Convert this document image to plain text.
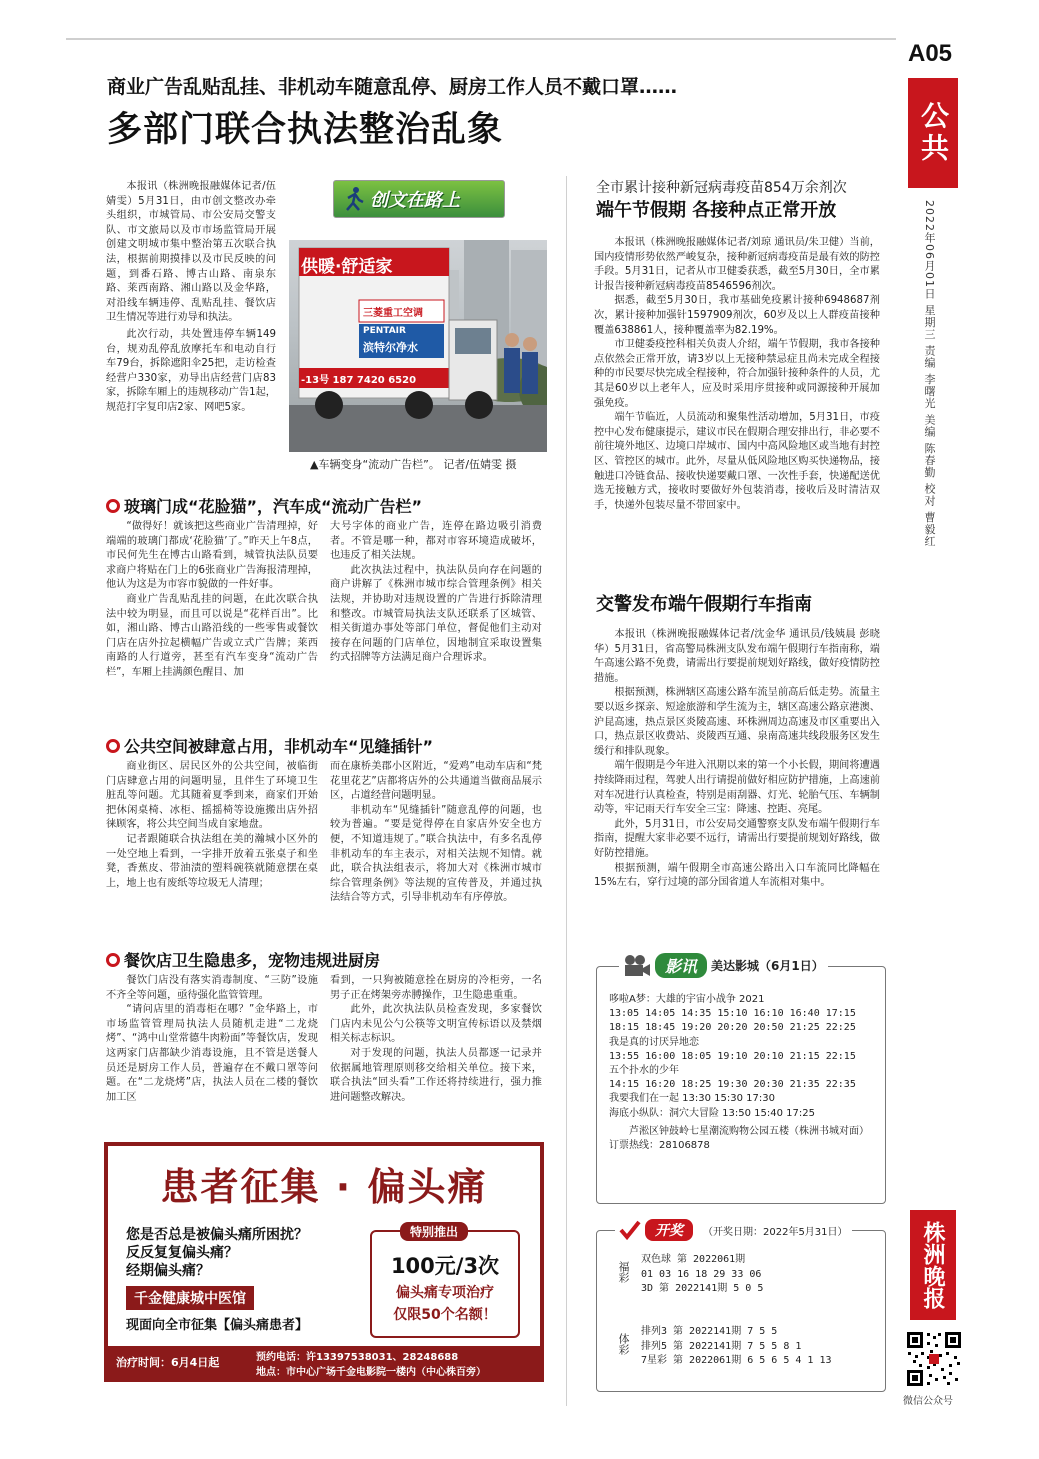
A05
公共
2022年06月01日 星期三 责编 李曙光 美编 陈春勤 校对 曹毅红
株洲晚报
微信公众号
商业广告乱贴乱挂、非机动车随意乱停、厨房工作人员不戴口罩……
多部门联合执法整治乱象
创文在路上

本报讯（株洲晚报融媒体记者/伍婧雯）5月31日，由市创文整改办牵头组织，市城管局、市公安局交警支队、市文旅局以及市市场监管局开展创建文明城市集中整治第五次联合执法，根据前期摸排以及市民反映的问题，到番石路、博古山路、南泉东路、莱西南路、湘山路以及金华路，对沿线车辆违停、乱贴乱挂、餐饮店卫生情况等进行劝导和执法。

此次行动，共处置违停车辆149台，规劝乱停乱放摩托车和电动自行车79台，拆除遮阳伞25把，走访检查经营户330家，劝导出店经营门店83家，拆除车厢上的违规移动广告1起，规范打字复印店2家、网吧5家。

供暖·舒适家
三菱重工空调
PENTAIR
滨特尔净水
-13号 187 7420 6520
▲车辆变身“流动广告栏”。 记者/伍婧雯 摄
玻璃门成“花脸猫”，汽车成“流动广告栏”

“做得好！就该把这些商业广告清理掉，好端端的玻璃门都成‘花脸猫’了。”昨天上午8点，市民何先生在博古山路看到，城管执法队员要求商户将贴在门上的6张商业广告海报清理掉，他认为这是为市容市貌做的一件好事。

商业广告乱贴乱挂的问题，在此次联合执法中较为明显，而且可以说是“花样百出”。比如，湘山路、博古山路沿线的一些零售或餐饮门店在店外拉起横幅广告或立式广告牌；莱西南路的人行道旁，甚至有汽车变身“流动广告栏”，车厢上挂满颜色醒目、加

大号字体的商业广告，连停在路边吸引消费者。不管是哪一种，都对市容环境造成破坏，也违反了相关法规。

此次执法过程中，执法队员向存在问题的商户讲解了《株洲市城市综合管理条例》相关法规，并协助对违规设置的广告进行拆除清理和整改。市城管局执法支队还联系了区城管、相关街道办事处等部门单位，督促他们主动对接存在问题的门店单位，因地制宜采取设置集约式招牌等方法满足商户合理诉求。

公共空间被肆意占用，非机动车“见缝插针”

商业街区、居民区外的公共空间，被临街门店肆意占用的问题明显，且伴生了环境卫生脏乱等问题。尤其随着夏季到来，商家们开始把休闲桌椅、冰柜、摇摇椅等设施搬出店外招徕顾客，将公共空间当成自家地盘。

记者跟随联合执法组在美的瀚城小区外的一处空地上看到，一字排开放着五张桌子和坐凳，香蕉皮、带油渍的塑料碗筷就随意摆在桌上，地上也有废纸等垃圾无人清理；

而在康桥美郡小区附近，“爱鸡”电动车店和“梵花里花艺”店都将店外的公共通道当做商品展示区，占道经营问题明显。

非机动车“见缝插针”随意乱停的问题，也较为普遍。“要是觉得停在自家店外安全也方便，不知道违规了。”联合执法中，有多名乱停非机动车的车主表示，对相关法规不知情。就此，联合执法组表示，将加大对《株洲市城市综合管理条例》等法规的宣传普及，并通过执法结合等方式，引导非机动车有序停放。

餐饮店卫生隐患多，宠物违规进厨房

餐饮门店没有落实消毒制度、“三防”设施不齐全等问题，亟待强化监管管理。

“请问店里的消毒柜在哪？”金华路上，市市场监管管理局执法人员随机走进“二龙烧烤”、“鸿中山堂常德牛肉粉面”等餐饮店，发现这两家门店都缺少消毒设施，且不管是送餐人员还是厨房工作人员，普遍存在不戴口罩等问题。在“二龙烧烤”店，执法人员在二楼的餐饮加工区

看到，一只狗被随意拴在厨房的冷柜旁，一名男子正在烤架旁赤膊操作，卫生隐患重重。

此外，此次执法队员检查发现，多家餐饮门店内未见公勺公筷等文明宣传标语以及禁烟相关标志标识。

对于发现的问题，执法人员都逐一记录并依据属地管理原则移交给相关单位。接下来，联合执法“回头看”工作还将持续进行，强力推进问题整改解决。

全市累计接种新冠病毒疫苗854万余剂次
端午节假期 各接种点正常开放

本报讯（株洲晚报融媒体记者/刘琼 通讯员/朱卫健）当前，国内疫情形势依然严峻复杂，接种新冠病毒疫苗是最有效的防控手段。5月31日，记者从市卫健委获悉，截至5月30日，全市累计报告接种新冠病毒疫苗8546596剂次。

据悉，截至5月30日，我市基础免疫累计接种6948687剂次，累计接种加强针1597909剂次，60岁及以上人群疫苗接种覆盖638861人，接种覆盖率为82.19%。

市卫健委疫控科相关负责人介绍，端午节假期，我市各接种点依然会正常开放，请3岁以上无接种禁忌症且尚未完成全程接种的市民要尽快完成全程接种，符合加强针接种条件的人员，尤其是60岁以上老年人，应及时采用序贯接种或同源接种开展加强免疫。

端午节临近，人员流动和聚集性活动增加，5月31日，市疫控中心发布健康提示，建议市民在假期合理安排出行，非必要不前往境外地区、边境口岸城市、国内中高风险地区或当地有封控区、管控区的城市。此外，尽量从低风险地区购买快递物品，接触进口冷链食品、接收快递要戴口罩、一次性手套，快递配送优选无接触方式，接收时要做好外包装消毒，接收后及时清洁双手，快递外包装尽量不带回家中。

交警发布端午假期行车指南

本报讯（株洲晚报融媒体记者/沈金华 通讯员/钱姨晨 彭晓华）5月31日，省高警局株洲支队发布端午假期行车指南称，端午高速公路不免费，请需出行要提前规划好路线，做好疫情防控措施。

根据预测，株洲辖区高速公路车流呈前高后低走势。流量主要以返乡探亲、短途旅游和学生流为主，辖区高速公路京港澳、沪昆高速，热点景区炎陵高速、环株洲周边高速及市区重要出入口，热点景区收费站、炎陵西互通、泉南高速共线段服务区发生缓行和排队现象。

端午假期是今年进入汛期以来的第一个小长假，期间将遭遇持续降雨过程，驾驶人出行请提前做好相应防护措施，上高速前对车况进行认真检查，特别是雨刮器、灯光、轮胎气压、车辆制动等，牢记雨天行车安全三宝：降速、控距、亮尾。

此外，5月31日，市公安局交通警察支队发布端午假期行车指南，提醒大家非必要不远行，请需出行要提前规划好路线，做好防控措施。

根据预测，端午假期全市高速公路出入口车流同比降幅在15%左右，穿行过境的部分国省道人车流相对集中。

影讯	美达影城（6月1日）
哆啦A梦：大雄的宇宙小战争 2021
13:05 14:05 14:35 15:10 16:10 16:40 17:15
18:15 18:45 19:20 20:20 20:50 21:25 22:25
我是真的讨厌异地恋
13:55 16:00 18:05 19:10 20:10 21:15 22:15
五个扑水的少年
14:15 16:20 18:25 19:30 20:30 21:35 22:35
我要我们在一起 13:30 15:30 17:30
海底小纵队：洞穴大冒险 13:50 15:40 17:25
芦淞区钟鼓岭七星潮流购物公园五楼（株洲书城对面）
订票热线：28106878
开奖	（开奖日期：2022年5月31日）
福彩
双色球 第 2022061期
01 03 16 18 29 33 06
3D 第 2022141期 5 0 5
体彩
排列3 第 2022141期 7 5 5
排列5 第 2022141期 7 5 5 8 1
7星彩 第 2022061期 6 5 6 5 4 1 13
患者征集 · 偏头痛
您是否总是被偏头痛所困扰？
反反复复偏头痛？
经期偏头痛？
千金健康城中医馆
现面向全市征集【偏头痛患者】
特别推出
100元/3次
偏头痛专项治疗
仅限50个名额！
治疗时间：6月4日起	预约电话：许13397538031、28248688
地点：市中心广场千金电影院一楼内（中心株百旁）
